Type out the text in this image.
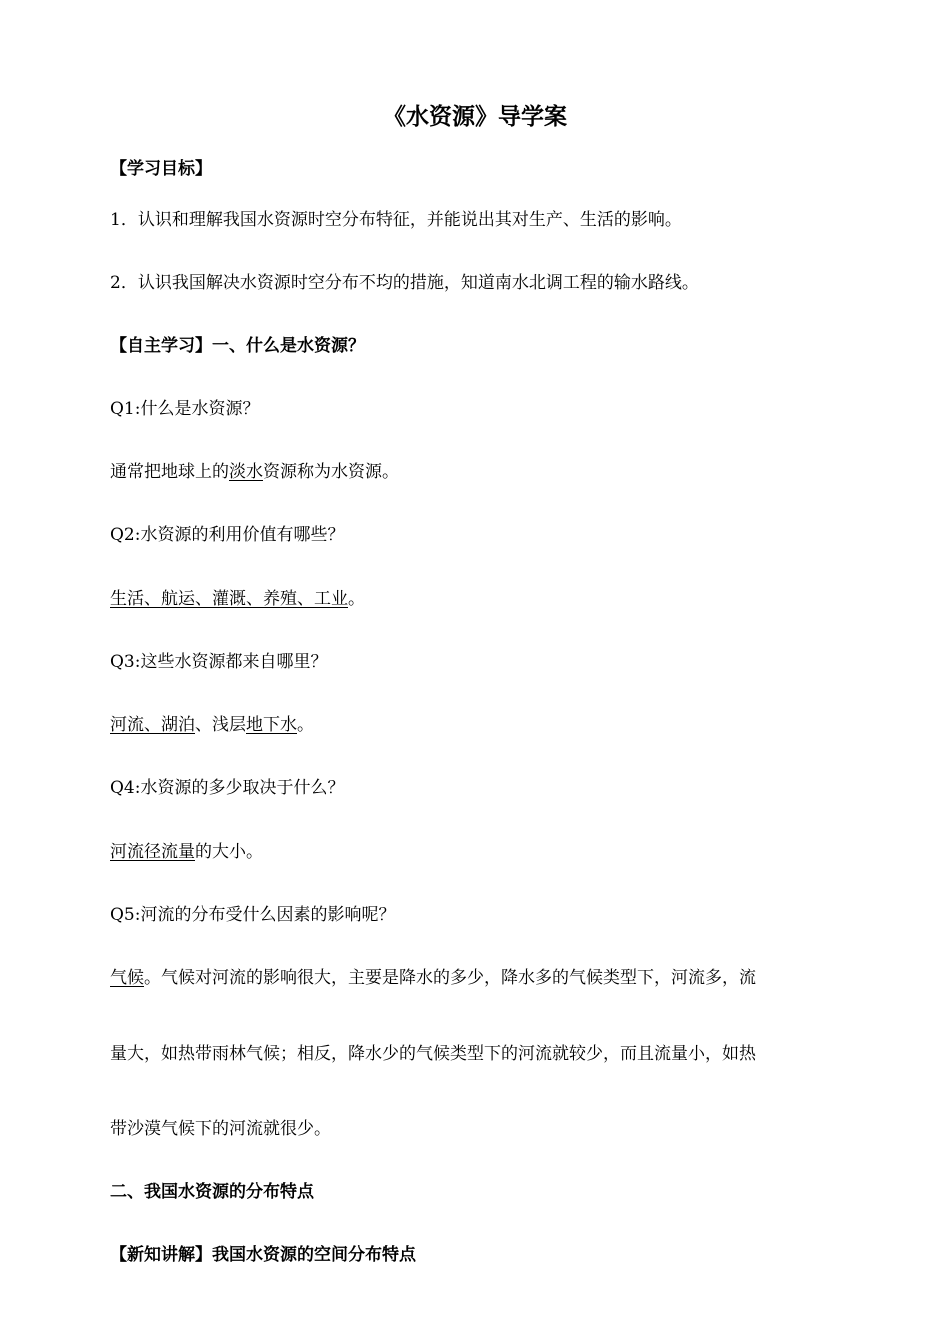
《水资源》导学案
【学习目标】
1．认识和理解我国水资源时空分布特征，并能说出其对生产、生活的影响。
2．认识我国解决水资源时空分布不均的措施，知道南水北调工程的输水路线。
【自主学习】一、什么是水资源？
Q1:什么是水资源？
通常把地球上的淡水资源称为水资源。
Q2:水资源的利用价值有哪些？
生活、航运、灌溉、养殖、工业。
Q3:这些水资源都来自哪里？
河流、湖泊、浅层地下水。
Q4:水资源的多少取决于什么？
河流径流量的大小。
Q5:河流的分布受什么因素的影响呢？
气候。气候对河流的影响很大，主要是降水的多少，降水多的气候类型下，河流多，流
量大，如热带雨林气候；相反，降水少的气候类型下的河流就较少，而且流量小，如热
带沙漠气候下的河流就很少。
二、我国水资源的分布特点
【新知讲解】我国水资源的空间分布特点
